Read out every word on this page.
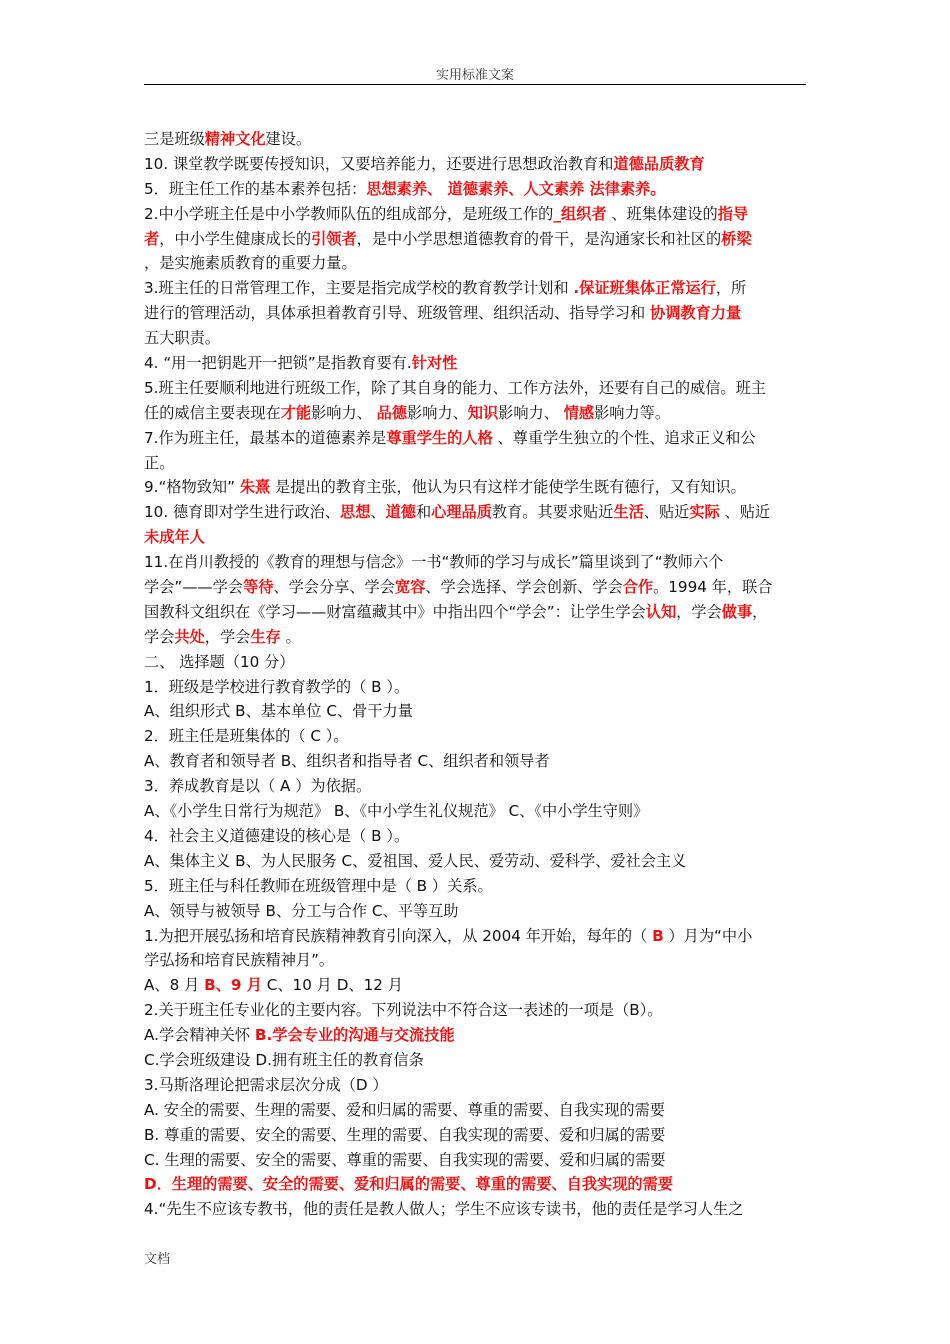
实用标准文案
三是班级精神文化建设。
10. 课堂教学既要传授知识，又要培养能力，还要进行思想政治教育和道德品质教育
5．班主任工作的基本素养包括：思想素养、 道德素养、人文素养 法律素养。
2.中小学班主任是中小学教师队伍的组成部分，是班级工作的_组织者 、班集体建设的指导
者，中小学生健康成长的引领者，是中小学思想道德教育的骨干，是沟通家长和社区的桥梁
，是实施素质教育的重要力量。
3.班主任的日常管理工作，主要是指完成学校的教育教学计划和 .保证班集体正常运行，所
进行的管理活动，具体承担着教育引导、班级管理、组织活动、指导学习和 协调教育力量
五大职责。
4. “用一把钥匙开一把锁”是指教育要有.针对性
5.班主任要顺利地进行班级工作，除了其自身的能力、工作方法外，还要有自己的威信。班主
任的威信主要表现在才能影响力、 品德影响力、知识影响力、 情感影响力等。
7.作为班主任，最基本的道德素养是尊重学生的人格 、尊重学生独立的个性、追求正义和公
正。
9.“格物致知” 朱熹 是提出的教育主张，他认为只有这样才能使学生既有德行，又有知识。
10. 德育即对学生进行政治、思想、道德和心理品质教育。其要求贴近生活、贴近实际 、贴近
未成年人
11.在肖川教授的《教育的理想与信念》一书“教师的学习与成长”篇里谈到了“教师六个
学会”——学会等待、学会分享、学会宽容、学会选择、学会创新、学会合作。1994 年，联合
国教科文组织在《学习——财富蕴藏其中》中指出四个“学会”：让学生学会认知，学会做事，
学会共处，学会生存 。
二、 选择题（10 分）
1．班级是学校进行教育教学的（ B ）。
A、组织形式 B、基本单位 C、骨干力量
2．班主任是班集体的（ C ）。
A、教育者和领导者 B、组织者和指导者 C、组织者和领导者
3．养成教育是以（ A ）为依据。
A、《小学生日常行为规范》 B、《中小学生礼仪规范》 C、《中小学生守则》
4．社会主义道德建设的核心是（ B ）。
A、集体主义 B、为人民服务 C、爱祖国、爱人民、爱劳动、爱科学、爱社会主义
5．班主任与科任教师在班级管理中是（ B ）关系。
A、领导与被领导 B、分工与合作 C、平等互助
1.为把开展弘扬和培育民族精神教育引向深入，从 2004 年开始，每年的（ B ）月为“中小
学弘扬和培育民族精神月”。
A、8 月 B、9 月 C、10 月 D、12 月
2.关于班主任专业化的主要内容。下列说法中不符合这一表述的一项是（B）。
A.学会精神关怀 B.学会专业的沟通与交流技能
C.学会班级建设 D.拥有班主任的教育信条
3.马斯洛理论把需求层次分成（D ）
A. 安全的需要、生理的需要、爱和归属的需要、尊重的需要、自我实现的需要
B. 尊重的需要、安全的需要、生理的需要、自我实现的需要、爱和归属的需要
C. 生理的需要、安全的需要、尊重的需要、自我实现的需要、爱和归属的需要
D．生理的需要、安全的需要、爱和归属的需要、尊重的需要、自我实现的需要
4.“先生不应该专教书，他的责任是教人做人；学生不应该专读书，他的责任是学习人生之
文档
